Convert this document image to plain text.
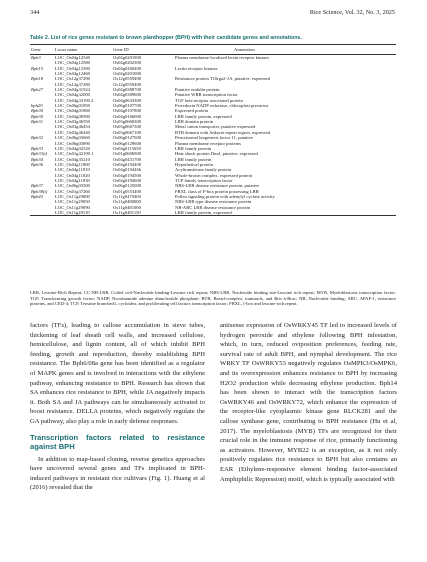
344	Rice Science, Vol. 32, No. 3, 2025
Table 2. List of rice genes resistant to brown planthopper (BPH) with their candidate genes and annotations.
Gene	Locus name	Gene ID	Annotation
Bph3	LOC_Os04g12540	Os04g0201900	Plasma membrane-localized lectin receptor kinases
	LOC_Os04g12580	Os04g0202300	
Bph15	LOC_Os04g12390	Os04g0200400	Lectin receptor kinases
	LOC_Os04g12460	Os04g0201000	
Bph18	LOC_Os12g37290	Os12g0559400	Resistance protein T10rga2-1A, putative, expressed
	LOC_Os12g37280	Os12g0559400	
Bph27	LOC_Os04g31924	Os04g0388700	Putative nodulin protein
	LOC_Os04g32000	Os04g0389600	Putative WRB transcription factor
	LOC_Os04g33190.2	Os04g0633300	TGF beta receptor associated protein
bph29	LOC_Os06g01850	Os06g0107700	Ferredoxin NADP reductase, chloroplast precursor
Bph30	LOC_Os04g01860	Os04g0107800	Expressed protein
Bph30	LOC_Os04g08390	Os04g0166000	LRR family protein, expressed
Bph31	LOC_Os03g46550	Os03g0668300	LRR domain protein
	LOC_Os03g46454	Os03g0667300	Metal cation transporter, putative expressed
	LOC_Os03g46440	Os03g0667100	BTB domain with Ankyrin repeat region, expressed
Bph32	LOC_Os06g03660	Os06g0127000	Peroxisomal biogenesis factor 11, putative
	LOC_Os06g03890	Os06g0129600	Plasma membrane receptor proteins
Bph33	LOC_Os04g02520	Os04g0115650	LRR family protein
Bph33(t)	LOC_Os01g42190.1	Os01g0606900	Heat shock protein DnaJ, putative, expressed
Bph34	LOC_Os04g35210	Os04g0431700	LRR family protein
Bph36	LOC_Os04g11800	Os04g0194400	Hypothetical protein
	LOC_Os04g11810	Os04g0194466	Acyltransferase family protein
	LOC_Os04g11820	Os04g0194500	Whole-brown complex, expressed protein
	LOC_Os04g11830	Os04g0194600	TCP family transcription factor
Bph37	LOC_Os06g03500	Os06g0125000	NBS-LRR disease resistance protein, putative
Bph38(t)	LOC_Os01g37260	Os01g0553400	FBXL class of F-box protein possessing LRR
Bph45	LOC_Os11g29000	Os11g0479400	Pollen signaling protein with adenylyl cyclase activity
	LOC_Os11g29050	Os11g0480000	NBS-LRR type disease resistance protein
	LOC_Os11g29090	Os11g0481000	NB-ARC LRR disease resistance protein
	LOC_Os11g29110	Os11g0481150	LRR family protein, expressed
LRR, Leucine-Rich Repeat; CC-NB-LRR, Coiled coil-Nucleotide binding-Leucine rich repeat; NBS-LRR, Nucleotide binding site-Leucine rich repeat; MYB, Myeloblastosis transcription factor; TGF, Transforming growth factor; NADP, Nicotinamide adenine dinucleotide phosphate; BTB, Broad-complex, tramtrack, and Bric-à-Brac; NB, Nucleotide binding; ARC, APAF-1, resistance proteins, and CED-4; TCP, Teosinte branched1, cycloidea, and proliferating cell factors transcription factor; FBXL, f-box and leucine-rich repeat.

factors (TFs), leading to callose accumulation in sieve tubes, thickening of leaf sheath cell walls, and increased cellulose, hemicellulose, and lignin content, all of which inhibit BPH feeding, growth and reproduction, thereby establishing BPH resistance. The Bph6/08a gene has been identified as a regulator of MAPK genes and is involved in interactions with the ethylene pathway, enhancing resistance to BPH. Research has shown that SA enhances rice resistance to BPH, while JA negatively impacts it. Both SA and JA pathways can be simultaneously activated to boost resistance. DELLA proteins, which negatively regulate the GA pathway, also play a role in early defense responses.

Transcription factors related to resistance against BPH

In addition to map-based cloning, reverse genetics approaches have uncovered several genes and TFs implicated in BPH-induced pathways in resistant rice cultivars (Fig. 1). Huang et al (2016) revealed that the

antisense expression of OsWRKY45 TF led to increased levels of hydrogen peroxide and ethylene following BPH infestation, which, in turn, reduced oviposition preferences, feeding rate, survival rate of adult BPH, and nymphal development. The rice WRKY TF OsWRKY53 negatively regulates OsMPK3/OsMPK6, and its overexpression enhances resistance to BPH by increasing H2O2 production while decreasing ethylene production. Bph14 has been shown to interact with the transcription factors OsWRKY46 and OsWRKY72, which enhance the expression of the receptor-like cytoplasmic kinase gene RLCK281 and the callose synthase gene, contributing to BPH resistance (Hu et al, 2017). The myeloblastosis (MYB) TFs are recognized for their crucial role in the immune response of rice, primarily functioning as activators. However, MYB22 is an exception, as it not only positively regulates rice resistance to BPH but also contains an EAR (Ethylene-responsive element binding factor-associated Amphiphilic Repression) motif, which is typically associated with
